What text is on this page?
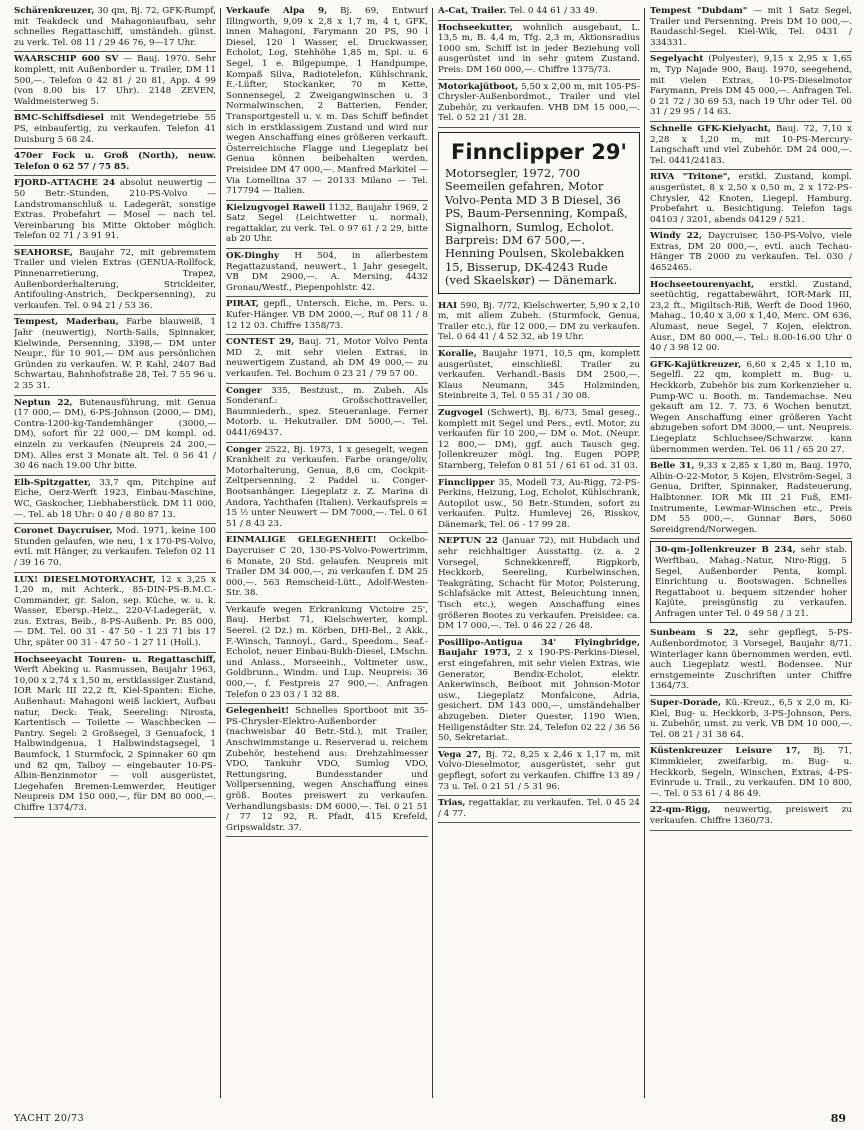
Schärenkreuzer, 30 qm, Bj. 72, GFK-Rumpf, mit Teakdeck und Mahagoniaufbau, sehr schnelles Regattaschiff, umständeh. günst. zu verk. Tel. 08 11 / 29 46 76, 9—17 Uhr.

WAARSCHIP 600 SV — Bauj. 1970. Sehr komplett, mit Außenborder u. Trailer, DM 11 500,—. Telefon 0 42 81 / 20 81, App. 4 99 (von 8.00 bis 17 Uhr). 2148 ZEVEN, Waldmeisterweg 5.

BMC-Schiffsdiesel mit Wendegetriebe 55 PS, einbaufertig, zu verkaufen. Telefon 41 Duisburg 5 68 24.

470er Fock u. Groß (North), neuw. Telefon 0 62 57 / 75 85.

FJORD-ATTACHE 24 absolut neuwertig — 50 Betr.-Stunden, 210-PS-Volvo — Landstromanschluß u. Ladegerät, sonstige Extras. Probefahrt — Mosel — nach tel. Vereinbarung bis Mitte Oktober möglich. Telefon 02 71 / 3 91 91.

SEAHORSE, Baujahr 72, mit gebremstem Trailer und vielen Extras (GENUA-Rollfock, Pinnenarretierung, Trapez, Außenborderhalterung, Strickleiter, Antifouling-Anstrich, Deckpersenning), zu verkaufen. Tel. 0 94 21 / 53 36.

Tempest, Maderbau, Farbe blauweiß, 1 Jahr (neuwertig), North-Sails, Spinnaker, Kielwinde, Persenning, 3398,— DM unter Neupr., für 10 901,— DM aus persönlichen Gründen zu verkaufen. W. P. Kahl, 2407 Bad Schwartau, Bahnhofstraße 28, Tel. 7 55 96 u. 2 35 31.

Neptun 22, Butenausführung, mit Genua (17 000,— DM), 6-PS-Johnson (2000,— DM), Contra-1200-kg-Tandemhänger (3000,— DM), sofort für 22 000,— DM kompl. od. einzeln zu verkaufen (Neupreis 24 200,— DM). Alles erst 3 Monate alt. Tel. 0 56 41 / 30 46 nach 19.00 Uhr bitte.

Elb-Spitzgatter, 33,7 qm, Pitchpine auf Eiche, Oerz-Werft 1923, Einbau-Maschine, WC, Gaskocher, Liebhaberstück. DM 11 000,—. Tel. ab 18 Uhr: 0 40 / 8 80 87 13.

Coronet Daycruiser, Mod. 1971, keine 100 Stunden gelaufen, wie neu, 1 x 170-PS-Volvo, evtl. mit Hänger, zu verkaufen. Telefon 02 11 / 39 16 70.

LUX! DIESELMOTORYACHT, 12 x 3,25 x 1,20 m, mit Achterk., 85-DIN-PS-B.M.C.-Commander, gr. Salon, sep. Küche, w. u. k. Wasser, Ebersp.-Heiz., 220-V-Ladegerät, v. zus. Extras, Beib., 8-PS-Außenb. Pr. 85 000,— DM. Tel. 00 31 - 47 50 - 1 23 71 bis 17 Uhr, später 00 31 - 47 50 - 1 27 11 (Holl.).

Hochseeyacht Touren- u. Regattaschiff, Werft Abeking u. Rasmussen, Baujahr 1963, 10,00 x 2,74 x 1,50 m, erstklassiger Zustand, IOR Mark III 22,2 ft, Kiel-Spanten: Eiche, Außenhaut: Mahagoni weiß lackiert, Aufbau natur, Deck: Teak, Seereling: Nirosta, Kartentisch — Toilette — Waschbecken — Pantry. Segel: 2 Großsegel, 3 Genuafock, 1 Halbwindgenua, 1 Halbwindstagsegel, 1 Baumfock, 1 Sturmfock, 2 Spinnaker 60 qm und 82 qm, Talboy — eingebauter 10-PS-Albin-Benzinmotor — voll ausgerüstet, Liegehafen Bremen-Lemwerder, Heutiger Neupreis DM 150 000,—, für DM 80 000,—. Chiffre 1374/73.

Verkaufe Alpa 9, Bj. 69, Entwurf Illingworth, 9,09 x 2,8 x 1,7 m, 4 t, GFK, innen Mahagoni, Farymann 20 PS, 90 l Diesel, 120 l Wasser, el. Druckwasser, Echolot, Log, Stehhöhe 1,85 m, Spi. u. 6 Segel, 1 e. Bilgepumpe, 1 Handpumpe, Kompaß Silva, Radiotelefon, Kühlschrank, E.-Lüfter, Stockanker, 70 m Kette, Sonnensegel, 2 Zweigangwinschen u. 3 Normalwinschen, 2 Batterien, Fender, Transportgestell u. v. m. Das Schiff befindet sich in erstklassigem Zustand und wird nur wegen Anschaffung eines größeren verkauft. Österreichische Flagge und Liegeplatz bei Genua können beibehalten werden. Preisidee DM 47 000,—. Manfred Markitel — Via Lomellina 37 — 20133 Milano — Tel. 717794 — Italien.

Kielzugvogel Rawell 1132, Baujahr 1969, 2 Satz Segel (Leichtwetter u. normal), regattaklar, zu verk. Tel. 0 97 61 / 2 29, bitte ab 20 Uhr.

OK-Dinghy H 504, in allerbestem Regattazustand, neuwert., 1 Jahr gesegelt, VB DM 2900,—. A. Mersing, 4432 Gronau/Westf., Piepenpohlstr. 42.

PIRAT, gepfl., Untersch. Eiche, m. Pers. u. Kufer-Hänger. VB DM 2000,—, Ruf 08 11 / 8 12 12 03. Chiffre 1358/73.

CONTEST 29, Bauj. 71, Motor Volvo Penta MD 2, mit sehr vielen Extras, in neuwertigem Zustand, ab DM 49 000,— zu verkaufen. Tel. Bochum 0 23 21 / 79 57 00.

Conger 335, Bestzust., m. Zubeh. Als Sonderanf.: Großschottraveller, Baumniederh., spez. Steueranlage. Ferner Motorb. u. Hekutrailer. DM 5000,—. Tel. 0441/69437.

Conger 2522, Bj. 1973, 1 x gesegelt, wegen Krankheit zu verkaufen. Farbe orange/oliv, Motorhalterung, Genua, 8,6 cm, Cockpit-Zeltpersenning, 2 Paddel u. Conger-Bootsanhänger. Liegeplatz z. Z. Marina di Andora, Yachthafen (Italien). Verkaufspreis = 15 ½ unter Neuwert — DM 7000,—. Tel. 0 61 51 / 8 43 23.

EINMALIGE GELEGENHEIT! Ockelbo-Daycruiser C 20, 130-PS-Volvo-Powertrimm, 6 Monate, 20 Std. gelaufen. Neupreis mit Trailer DM 34 000,—, zu verkaufen f. DM 25 000,—. 563 Remscheid-Lütt., Adolf-Westen-Str. 38.

Verkaufe wegen Erkrankung Victoire 25', Bauj. Herbst 71, Kielschwerter, kompl. Seerel. (2 Dz.) m. Körben, DHI-Bel., 2 Akk., F.-Winsch, Tannoyl., Gard., Speedom., Seaf.-Echolot, neuer Einbau-Bukh-Diesel, LMschn. und Anlass., Morseeinh., Voltmeter usw., Goldbrunn., Windm. und Lup. Neupreis: 36 000,—, f. Festpreis 27 900,—. Anfragen Telefon 0 23 03 / 1 32 88.

Gelegenheit! Schnelles Sportboot mit 35-PS-Chrysler-Elektro-Außenborder (nachweisbar 40 Betr.-Std.), mit Trailer, Anschwimmstange u. Reserverad u. reichem Zubehör, bestehend aus: Drehzahlmesser VDO, Tankuhr VDO, Sumlog VDO, Rettungsring, Bundesstander und Vollpersenning, wegen Anschaffung eines größ. Bootes preiswert zu verkaufen. Verhandlungsbasis: DM 6000,—. Tel. 0 21 51 / 77 12 92, R. Pfadt, 415 Krefeld, Gripswaldstr. 37.

A-Cat, Trailer. Tel. 0 44 61 / 33 49.

Hochseekutter, wohnlich ausgebaut, L. 13,5 m, B. 4,4 m, Tfg. 2,3 m, Aktionsradius 1000 sm. Schiff ist in jeder Beziehung voll ausgerüstet und in sehr gutem Zustand. Preis: DM 160 000,—. Chiffre 1375/73.

Motorkajütboot, 5,50 x 2,00 m, mit 105-PS-Chrysler-Außenbordmot., Trailer und viel Zubehör, zu verkaufen. VHB DM 15 000,—. Tel. 0 52 21 / 31 28.

Finnclipper 29'
Motorsegler, 1972, 700 Seemeilen gefahren, Motor Volvo-Penta MD 3 B Diesel, 36 PS, Baum-Persenning, Kompaß, Signalhorn, Sumlog, Echolot. Barpreis: DM 67 500,—. Henning Poulsen, Skolebakken 15, Bisserup, DK-4243 Rude (ved Skaelskør) — Dänemark.

HAI 590, Bj. 7/72, Kielschwerter, 5,90 x 2,10 m, mit allem Zubeh. (Sturmfock, Genua, Trailer etc.), für 12 000,— DM zu verkaufen. Tel. 0 64 41 / 4 52 32, ab 19 Uhr.

Koralle, Baujahr 1971, 10,5 qm, komplett ausgerüstet, einschließl. Trailer zu verkaufen. Verhandl.-Basis DM 2500,—. Klaus Neumann, 345 Holzminden, Steinbreite 3, Tel. 0 55 31 / 30 08.

Zugvogel (Schwert), Bj. 6/73, 5mal geseg., komplett mit Segel und Pers., evtl. Motor, zu verkaufen für 10 200,— DM o. Mot. (Neupr. 12 800,— DM), ggf. auch Tausch geg. Jollenkreuzer mögl. Ing. Eugen POPP, Starnberg, Telefon 0 81 51 / 61 61 od. 31 03.

Finnclipper 35, Modell 73, Au-Rigg, 72-PS-Perkins, Heizung, Log, Echolot, Kühlschrank, Autopilot usw., 50 Betr.-Stunden, sofort zu verkaufen. Pultz. Humlevej 26, Risskov, Dänemark, Tel. 06 - 17 99 28.

NEPTUN 22 (Januar 72), mit Hubdach und sehr reichhaltiger Ausstattg. (z. a. 2 Vorsegel, Schnekkenreff, Rigpkorb, Heckkorb, Seereling, Kurbelwinschen, Teakgräting, Schacht für Motor, Polsterung, Schlafsäcke mit Attest, Beleuchtung innen, Tisch etc.), wegen Anschaffung eines größeren Bootes zu verkaufen. Preisidee: ca. DM 17 000,—. Tel. 0 46 22 / 26 48.

Posillipo-Antigua 34' Flyingbridge, Baujahr 1973, 2 x 190-PS-Perkins-Diesel, erst eingefahren, mit sehr vielen Extras, wie Generator, Bendix-Echolot, elektr. Ankerwinsch, Beiboot mit Johnson-Motor usw., Liegeplatz Monfalcone, Adria, gesichert. DM 143 000,—, umständehalber abzugeben. Dieter Quester, 1190 Wien, Heiligenstädter Str. 24, Telefon 02 22 / 36 56 50, Sekretariat.

Vega 27, Bj. 72, 8,25 x 2,46 x 1,17 m, mit Volvo-Dieselmotor, ausgerüstet, sehr gut gepflegt, sofort zu verkaufen. Chiffre 13 89 / 73 u. Tel. 0 21 51 / 5 31 96.

Trias, regattaklar, zu verkaufen. Tel. 0 45 24 / 4 77.

Tempest "Dubdam" — mit 1 Satz Segel, Trailer und Persenning. Preis DM 10 000,—. Raudaschl-Segel. Kiel-Wik, Tel. 0431 / 334331.

Segelyacht (Polyester), 9,15 x 2,95 x 1,65 m, Typ Najade 900, Bauj. 1970, seegehend, mit vielen Extras, 10-PS-Dieselmotor Farymann, Preis DM 45 000,—. Anfragen Tel. 0 21 72 / 30 69 53, nach 19 Uhr oder Tel. 00 31 / 29 95 / 14 63.

Schnelle GFK-Kielyacht, Bauj. 72, 7,10 x 2,28 x 1,20 m, mit 10-PS-Mercury-Langschaft und viel Zubehör. DM 24 000,—. Tel. 0441/24183.

RIVA "Tritone", erstkl. Zustand, kompl. ausgerüstet, 8 x 2,50 x 0,50 m, 2 x 172-PS-Chrysler, 42 Knoten, Liegepl. Hamburg. Probefahrt u. Besichtigung. Telefon tags 04103 / 3201, abends 04129 / 521.

Windy 22, Daycruiser, 150-PS-Volvo, viele Extras, DM 20 000,—, evtl. auch Techau-Hänger TB 2000 zu verkaufen. Tel. 030 / 4652465.

Hochseetourenyacht, erstkl. Zustand, seetüchtig, regattabewährt, IOR-Mark III, 23,2 ft., Migiltsch-Riß, Werft de Dood 1960, Mahag., 10,40 x 3,00 x 1,40, Merc. OM 636, Alumast, neue Segel, 7 Kojen, elektron. Ausr., DM 80 000,—. Tel.: 8.00-16.00 Uhr 0 40 / 3 98 12 00.

GFK-Kajütkreuzer, 6,60 x 2,45 x 1,10 m, Segelfl. 22 qm, komplett m. Bug- u. Heckkorb, Zubehör bis zum Korkenzieher u. Pump-WC u. Booth. m. Tandemachse. Neu gekauft am 12. 7. 73. 6 Wochen benutzt. Wegen Anschaffung einer größeren Yacht abzugeben sofort DM 3000,— unt. Neupreis. Liegeplatz Schluchsee/Schwarzw. kann übernommen werden. Tel. 06 11 / 65 20 27.

Belle 31, 9,33 x 2,85 x 1,80 m, Bauj. 1970, Albin-O-22-Motor, 5 Kojen, Elvström-Segel, 3 Genua, Drifter, Spinnaker, Radsteuerung, Halbtonner. IOR Mk III 21 Fuß, EMI-Instrumente, Lewmar-Winschen etc., Preis DM 55 000,—. Gunnar Børs, 5060 Søreidgrend/Norwegen.

30-qm-Jollenkreuzer B 234, sehr stab. Werftbau, Mahag.-Natur, Niro-Rigg, 5 Segel, Außenborder Penta, kompl. Einrichtung u. Bootswagen. Schnelles Regattaboot u. bequem sitzender hoher Kajüte, preisgünstig zu verkaufen. Anfragen unter Tel. 0 49 58 / 3 21.

Sunbeam S 22, sehr gepflegt, 5-PS-Außenbordmotor, 3 Vorsegel, Baujahr 8/71. Winterlager kann übernommen werden, evtl. auch Liegeplatz westl. Bodensee. Nur ernstgemeinte Zuschriften unter Chiffre 1364/73.

Super-Dorade, Kü.-Kreuz., 6,5 x 2,0 m, Ki-Kiel, Bug- u. Heckkorb, 3-PS-Johnson, Pers. u. Zubehör, umst. zu verk. VB DM 10 000,—. Tel. 08 21 / 31 38 64.

Küstenkreuzer Leisure 17, Bj. 71, Kimmkieler, zweifarbig, m. Bug- u. Heckkorb, Segeln, Winschen, Extras, 4-PS-Evinrude u. Trail., zu verkaufen. DM 10 800,—. Tel. 0 53 61 / 4 86 49.

22-qm-Rigg, neuwertig, preiswert zu verkaufen. Chiffre 1360/73.

YACHT 20/73	89
